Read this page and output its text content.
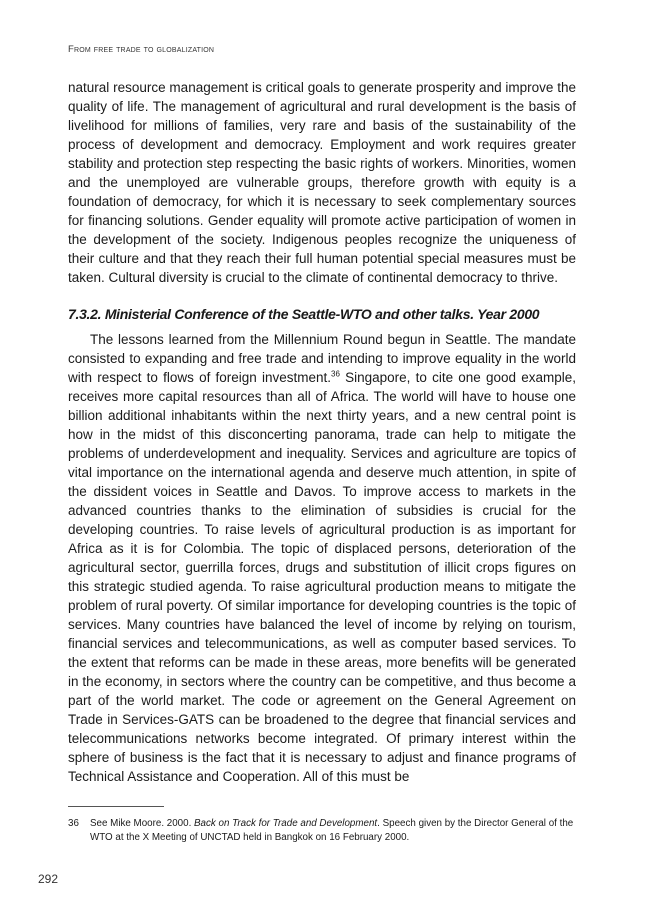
From free trade to globalization

natural resource management is critical goals to generate prosperity and improve the quality of life. The management of agricultural and rural development is the basis of livelihood for millions of families, very rare and basis of the sustainability of the process of development and democracy. Employment and work requires greater stability and protection step respecting the basic rights of workers. Minorities, women and the unemployed are vulnerable groups, therefore growth with equity is a foundation of democracy, for which it is necessary to seek complementary sources for financing solutions. Gender equality will promote active participation of women in the development of the society. Indigenous peoples recognize the uniqueness of their culture and that they reach their full human potential special measures must be taken. Cultural diversity is crucial to the climate of continental democracy to thrive.

7.3.2. Ministerial Conference of the Seattle-WTO and other talks. Year 2000

The lessons learned from the Millennium Round begun in Seattle. The mandate consisted to expanding and free trade and intending to improve equality in the world with respect to flows of foreign investment.$^{36}$ Singapore, to cite one good example, receives more capital resources than all of Africa. The world will have to house one billion additional inhabitants within the next thirty years, and a new central point is how in the midst of this disconcerting panorama, trade can help to mitigate the problems of underdevelopment and inequality. Services and agriculture are topics of vital importance on the international agenda and deserve much attention, in spite of the dissident voices in Seattle and Davos. To improve access to markets in the advanced countries thanks to the elimination of subsidies is crucial for the developing countries. To raise levels of agricultural production is as important for Africa as it is for Colombia. The topic of displaced persons, deterioration of the agricultural sector, guerrilla forces, drugs and substitution of illicit crops figures on this strategic studied agenda. To raise agricultural production means to mitigate the problem of rural poverty. Of similar importance for developing countries is the topic of services. Many countries have balanced the level of income by relying on tourism, financial services and telecommunications, as well as computer based services. To the extent that reforms can be made in these areas, more benefits will be generated in the economy, in sectors where the country can be competitive, and thus become a part of the world market. The code or agreement on the General Agreement on Trade in Services-GATS can be broadened to the degree that financial services and telecommunications networks become integrated. Of primary interest within the sphere of business is the fact that it is necessary to adjust and finance programs of Technical Assistance and Cooperation. All of this must be

36	See Mike Moore. 2000. Back on Track for Trade and Development. Speech given by the Director General of the WTO at the X Meeting of UNCTAD held in Bangkok on 16 February 2000.
292
